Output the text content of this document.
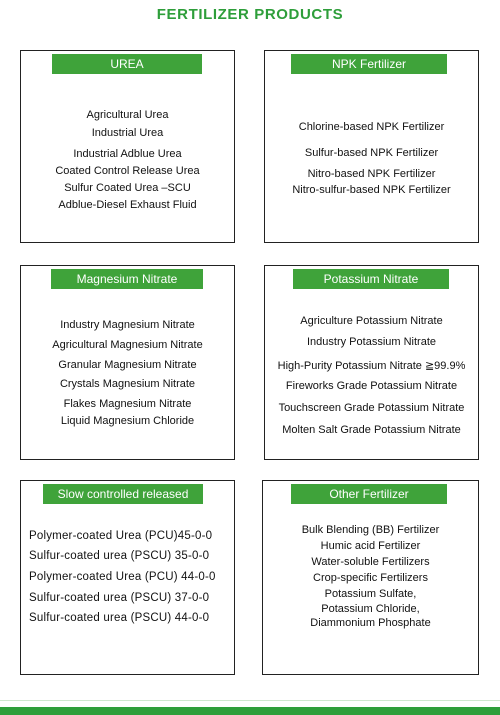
FERTILIZER PRODUCTS
UREA
Agricultural Urea
Industrial Urea
Industrial Adblue Urea
Coated Control Release Urea
Sulfur Coated Urea –SCU
Adblue-Diesel Exhaust Fluid
NPK Fertilizer
Chlorine-based NPK Fertilizer
Sulfur-based NPK Fertilizer
Nitro-based NPK Fertilizer
Nitro-sulfur-based NPK Fertilizer
Magnesium Nitrate
Industry Magnesium Nitrate
Agricultural Magnesium Nitrate
Granular Magnesium Nitrate
Crystals Magnesium Nitrate
Flakes Magnesium Nitrate
Liquid Magnesium Chloride
Potassium Nitrate
Agriculture Potassium Nitrate
Industry Potassium Nitrate
High-Purity Potassium Nitrate ≧99.9%
Fireworks Grade Potassium Nitrate
Touchscreen Grade Potassium Nitrate
Molten Salt Grade Potassium Nitrate
Slow controlled released
Polymer-coated Urea (PCU)45-0-0
Sulfur-coated urea (PSCU) 35-0-0
Polymer-coated Urea (PCU) 44-0-0
Sulfur-coated urea (PSCU) 37-0-0
Sulfur-coated urea (PSCU) 44-0-0
Other Fertilizer
Bulk Blending (BB) Fertilizer
Humic acid Fertilizer
Water-soluble Fertilizers
Crop-specific Fertilizers
Potassium Sulfate,
Potassium Chloride,
Diammonium Phosphate
